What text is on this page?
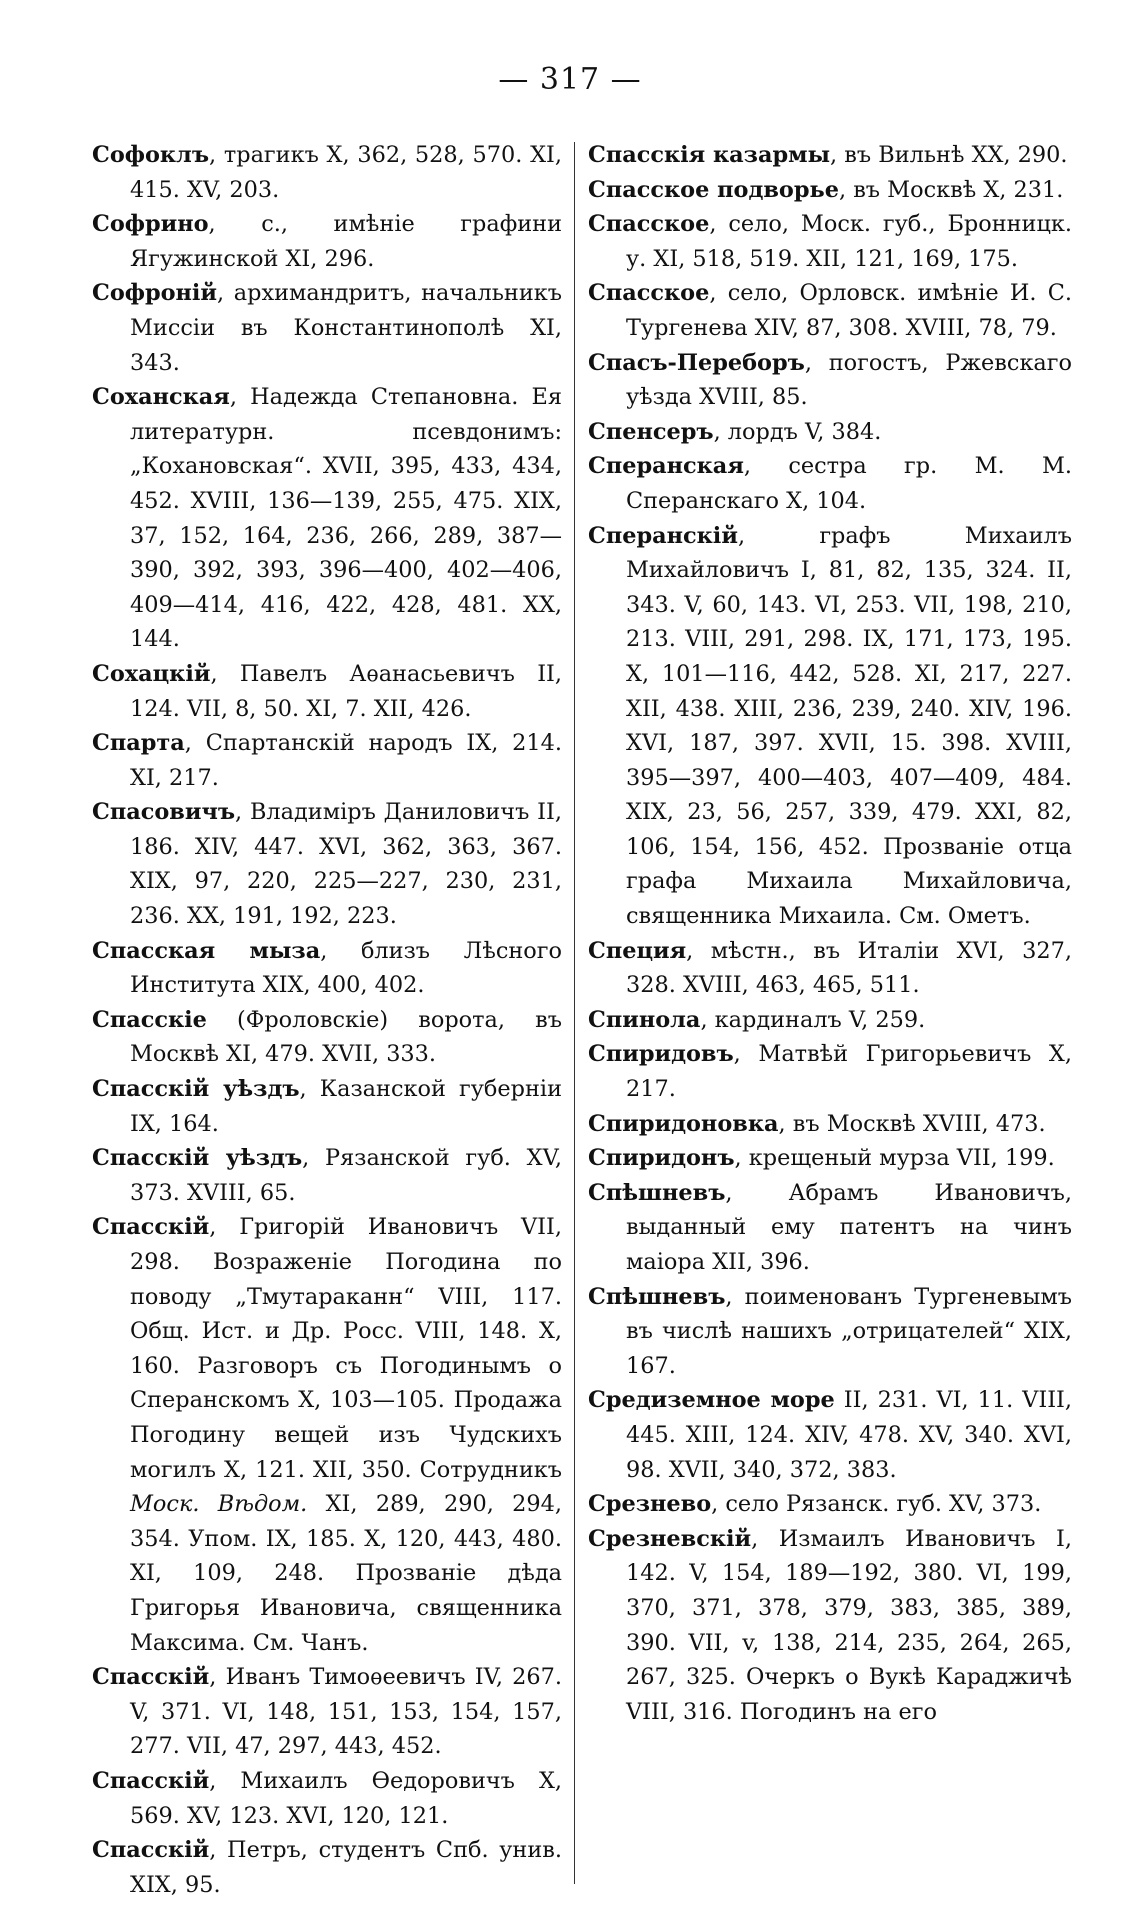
— 317 —

Софоклъ, трагикъ X, 362, 528, 570. XI, 415. XV, 203.

Софрино, с., имѣніе графини Ягужинской XI, 296.

Софроній, архимандритъ, начальникъ Миссіи въ Константинополѣ XI, 343.

Соханская, Надежда Степановна. Ея литературн. псевдонимъ: „Кохановская“. XVII, 395, 433, 434, 452. XVIII, 136—139, 255, 475. XIX, 37, 152, 164, 236, 266, 289, 387—390, 392, 393, 396—400, 402—406, 409—414, 416, 422, 428, 481. XX, 144.

Сохацкій, Павелъ Аѳанасьевичъ II, 124. VII, 8, 50. XI, 7. XII, 426.

Спарта, Спартанскій народъ IX, 214. XI, 217.

Спасовичъ, Владиміръ Даниловичъ II, 186. XIV, 447. XVI, 362, 363, 367. XIX, 97, 220, 225—227, 230, 231, 236. XX, 191, 192, 223.

Спасская мыза, близъ Лѣсного Института XIX, 400, 402.

Спасскіе (Фроловскіе) ворота, въ Москвѣ XI, 479. XVII, 333.

Спасскій уѣздъ, Казанской губерніи IX, 164.

Спасскій уѣздъ, Рязанской губ. XV, 373. XVIII, 65.

Спасскій, Григорій Ивановичъ VII, 298. Возраженіе Погодина по поводу „Тмутараканн“ VIII, 117. Общ. Ист. и Др. Росс. VIII, 148. X, 160. Разговоръ съ Погодинымъ о Сперанскомъ X, 103—105. Продажа Погодину вещей изъ Чудскихъ могилъ X, 121. XII, 350. Сотрудникъ Моск. Вѣдом. XI, 289, 290, 294, 354. Упом. IX, 185. X, 120, 443, 480. XI, 109, 248. Прозваніе дѣда Григорья Ивановича, священника Максима. См. Чанъ.

Спасскій, Иванъ Тимоѳеевичъ IV, 267. V, 371. VI, 148, 151, 153, 154, 157, 277. VII, 47, 297, 443, 452.

Спасскій, Михаилъ Ѳедоровичъ X, 569. XV, 123. XVI, 120, 121.

Спасскій, Петръ, студентъ Спб. унив. XIX, 95.

Спасскія казармы, въ Вильнѣ XX, 290.

Спасское подворье, въ Москвѣ X, 231.

Спасское, село, Моск. губ., Бронницк. у. XI, 518, 519. XII, 121, 169, 175.

Спасское, село, Орловск. имѣніе И. С. Тургенева XIV, 87, 308. XVIII, 78, 79.

Спасъ-Переборъ, погостъ, Ржевскаго уѣзда XVIII, 85.

Спенсеръ, лордъ V, 384.

Сперанская, сестра гр. М. М. Сперанскаго X, 104.

Сперанскій, графъ Михаилъ Михайловичъ I, 81, 82, 135, 324. II, 343. V, 60, 143. VI, 253. VII, 198, 210, 213. VIII, 291, 298. IX, 171, 173, 195. X, 101—116, 442, 528. XI, 217, 227. XII, 438. XIII, 236, 239, 240. XIV, 196. XVI, 187, 397. XVII, 15. 398. XVIII, 395—397, 400—403, 407—409, 484. XIX, 23, 56, 257, 339, 479. XXI, 82, 106, 154, 156, 452. Прозваніе отца графа Михаила Михайловича, священника Михаила. См. Ометъ.

Специя, мѣстн., въ Италіи XVI, 327, 328. XVIII, 463, 465, 511.

Спинола, кардиналъ V, 259.

Спиридовъ, Матвѣй Григорьевичъ X, 217.

Спиридоновка, въ Москвѣ XVIII, 473.

Спиридонъ, крещеный мурза VII, 199.

Спѣшневъ, Абрамъ Ивановичъ, выданный ему патентъ на чинъ маіора XII, 396.

Спѣшневъ, поименованъ Тургеневымъ въ числѣ нашихъ „отрицателей“ XIX, 167.

Средиземное море II, 231. VI, 11. VIII, 445. XIII, 124. XIV, 478. XV, 340. XVI, 98. XVII, 340, 372, 383.

Срезнево, село Рязанск. губ. XV, 373.

Срезневскій, Измаилъ Ивановичъ I, 142. V, 154, 189—192, 380. VI, 199, 370, 371, 378, 379, 383, 385, 389, 390. VII, v, 138, 214, 235, 264, 265, 267, 325. Очеркъ о Вукѣ Караджичѣ VIII, 316. Погодинъ на его
